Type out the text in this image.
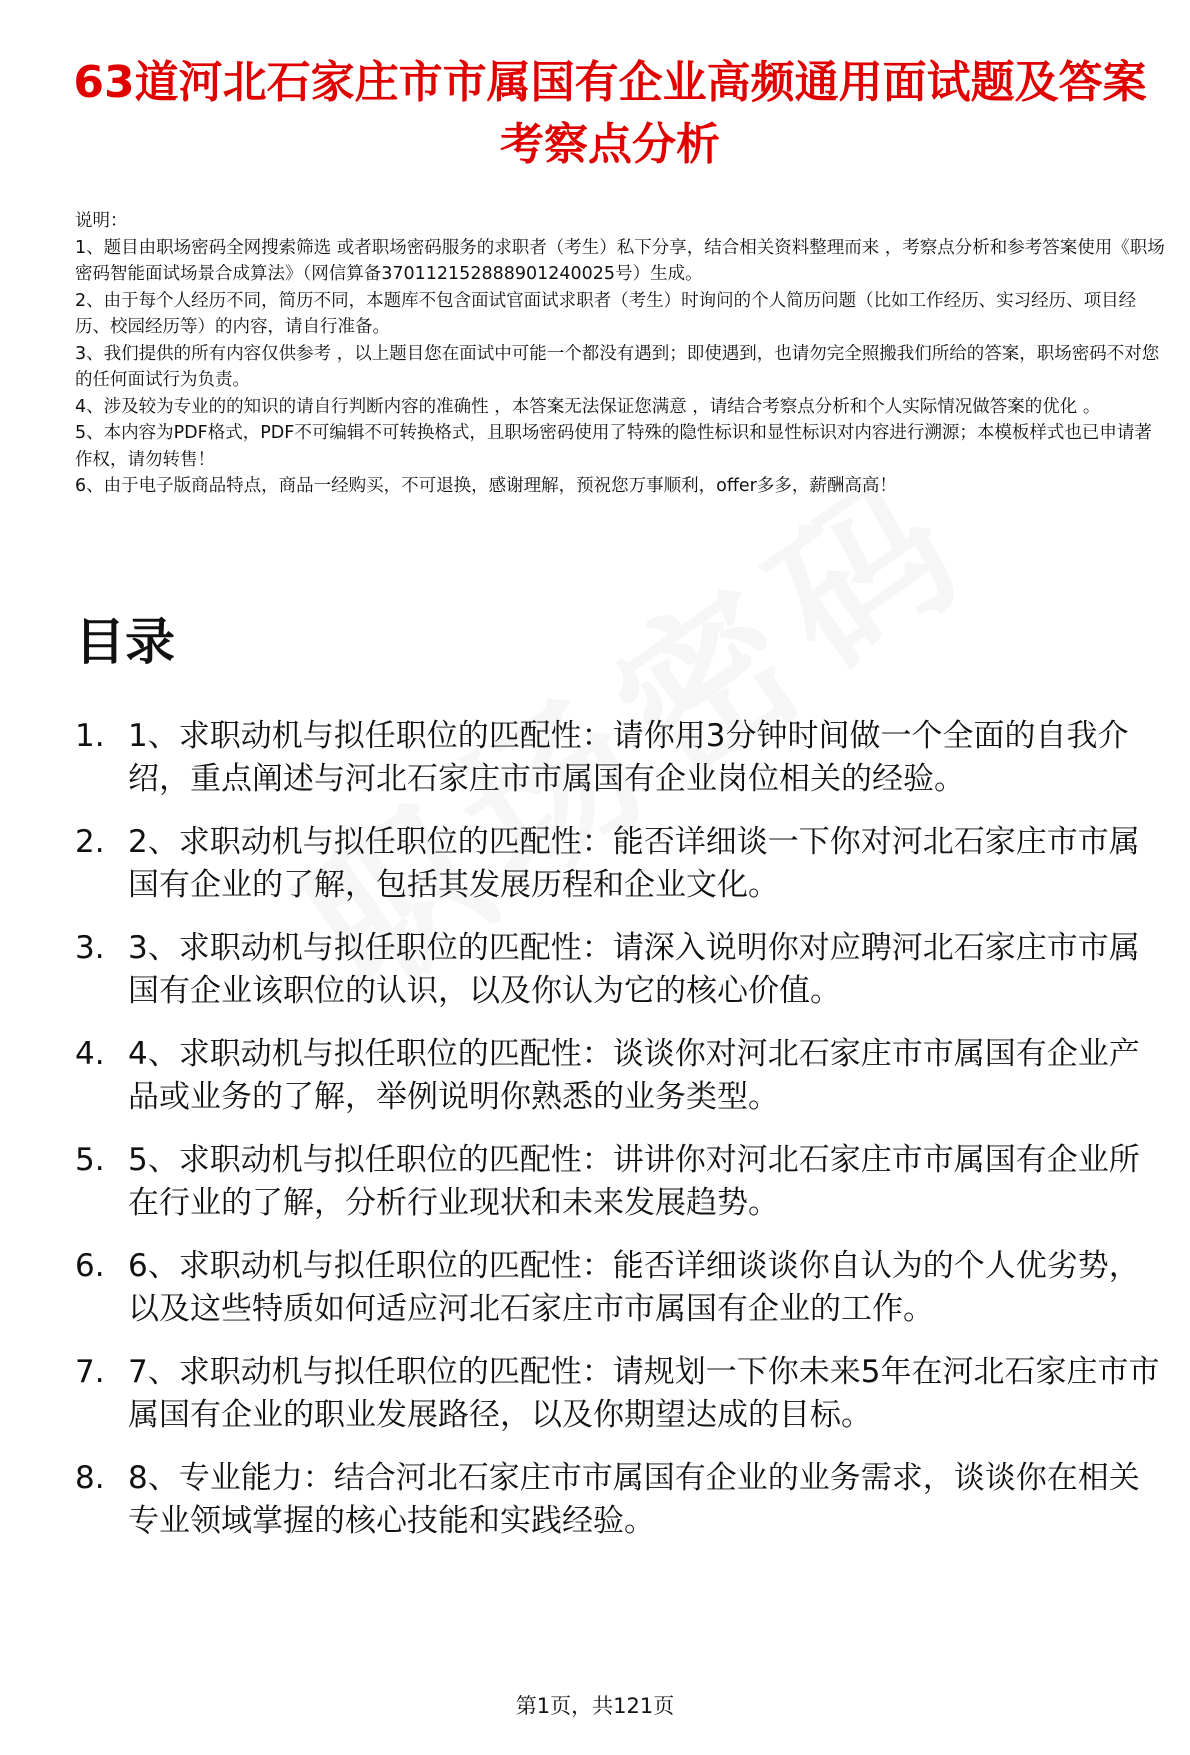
63道河北石家庄市市属国有企业高频通用面试题及答案考察点分析

说明：

1、题目由职场密码全网搜索筛选 或者职场密码服务的求职者（考生）私下分享，结合相关资料整理而来 ，考察点分析和参考答案使用《职场密码智能面试场景合成算法》（网信算备370112152888901240025号）生成。

2、由于每个人经历不同，简历不同，本题库不包含面试官面试求职者（考生）时询问的个人简历问题（比如工作经历、实习经历、项目经历、校园经历等）的内容，请自行准备。

3、我们提供的所有内容仅供参考 ，以上题目您在面试中可能一个都没有遇到；即使遇到，也请勿完全照搬我们所给的答案，职场密码不对您的任何面试行为负责。

4、涉及较为专业的的知识的请自行判断内容的准确性 ，本答案无法保证您满意 ，请结合考察点分析和个人实际情况做答案的优化 。

5、本内容为PDF格式，PDF不可编辑不可转换格式，且职场密码使用了特殊的隐性标识和显性标识对内容进行溯源；本模板样式也已申请著作权，请勿转售！

6、由于电子版商品特点，商品一经购买，不可退换，感谢理解，预祝您万事顺利，offer多多，薪酬高高！

目录
1. 1、求职动机与拟任职位的匹配性：请你用3分钟时间做一个全面的自我介绍，重点阐述与河北石家庄市市属国有企业岗位相关的经验。
2. 2、求职动机与拟任职位的匹配性：能否详细谈一下你对河北石家庄市市属国有企业的了解，包括其发展历程和企业文化。
3. 3、求职动机与拟任职位的匹配性：请深入说明你对应聘河北石家庄市市属国有企业该职位的认识，以及你认为它的核心价值。
4. 4、求职动机与拟任职位的匹配性：谈谈你对河北石家庄市市属国有企业产品或业务的了解，举例说明你熟悉的业务类型。
5. 5、求职动机与拟任职位的匹配性：讲讲你对河北石家庄市市属国有企业所在行业的了解，分析行业现状和未来发展趋势。
6. 6、求职动机与拟任职位的匹配性：能否详细谈谈你自认为的个人优劣势，以及这些特质如何适应河北石家庄市市属国有企业的工作。
7. 7、求职动机与拟任职位的匹配性：请规划一下你未来5年在河北石家庄市市属国有企业的职业发展路径，以及你期望达成的目标。
8. 8、专业能力：结合河北石家庄市市属国有企业的业务需求，谈谈你在相关专业领域掌握的核心技能和实践经验。
第1页，共121页
